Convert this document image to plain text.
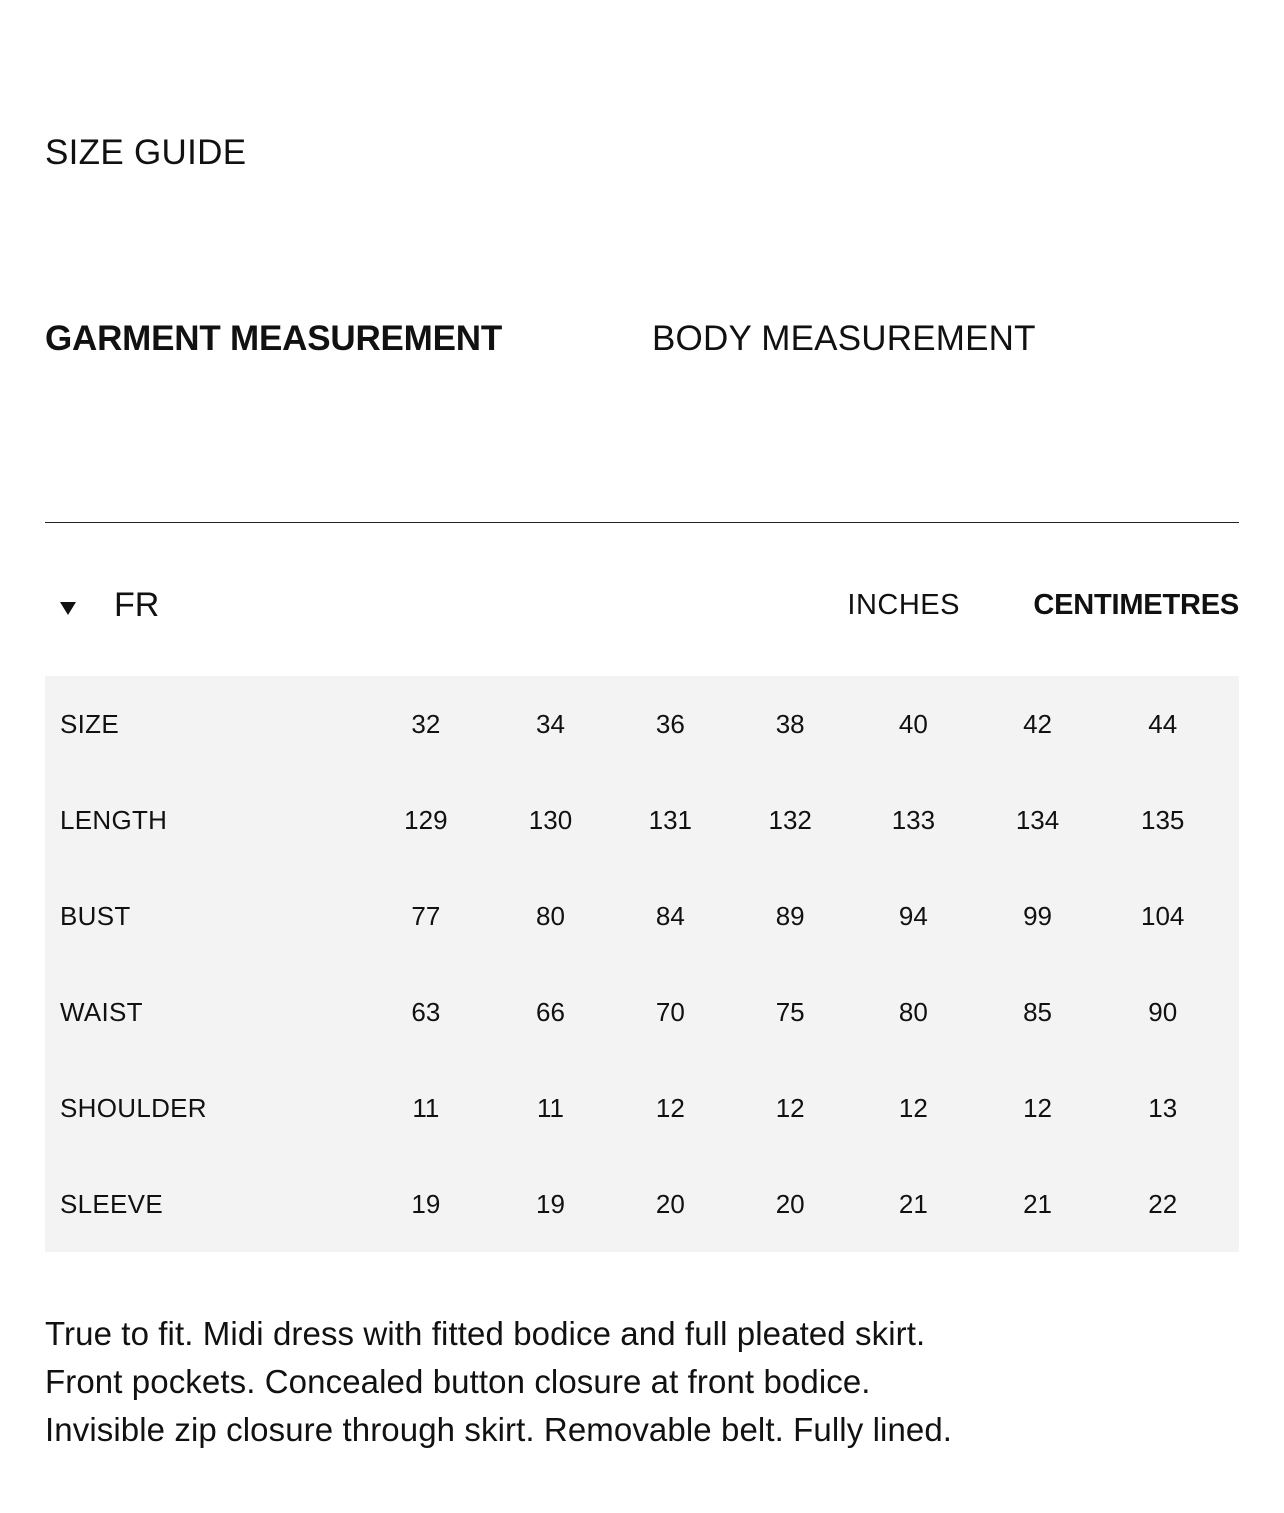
SIZE GUIDE
GARMENT MEASUREMENT	BODY MEASUREMENT
FR	INCHES	CENTIMETRES
SIZE	32	34	36	38	40	42	44
LENGTH	129	130	131	132	133	134	135
BUST	77	80	84	89	94	99	104
WAIST	63	66	70	75	80	85	90
SHOULDER	11	11	12	12	12	12	13
SLEEVE	19	19	20	20	21	21	22
True to fit. Midi dress with fitted bodice and full pleated skirt.
Front pockets. Concealed button closure at front bodice.
Invisible zip closure through skirt. Removable belt. Fully lined.
